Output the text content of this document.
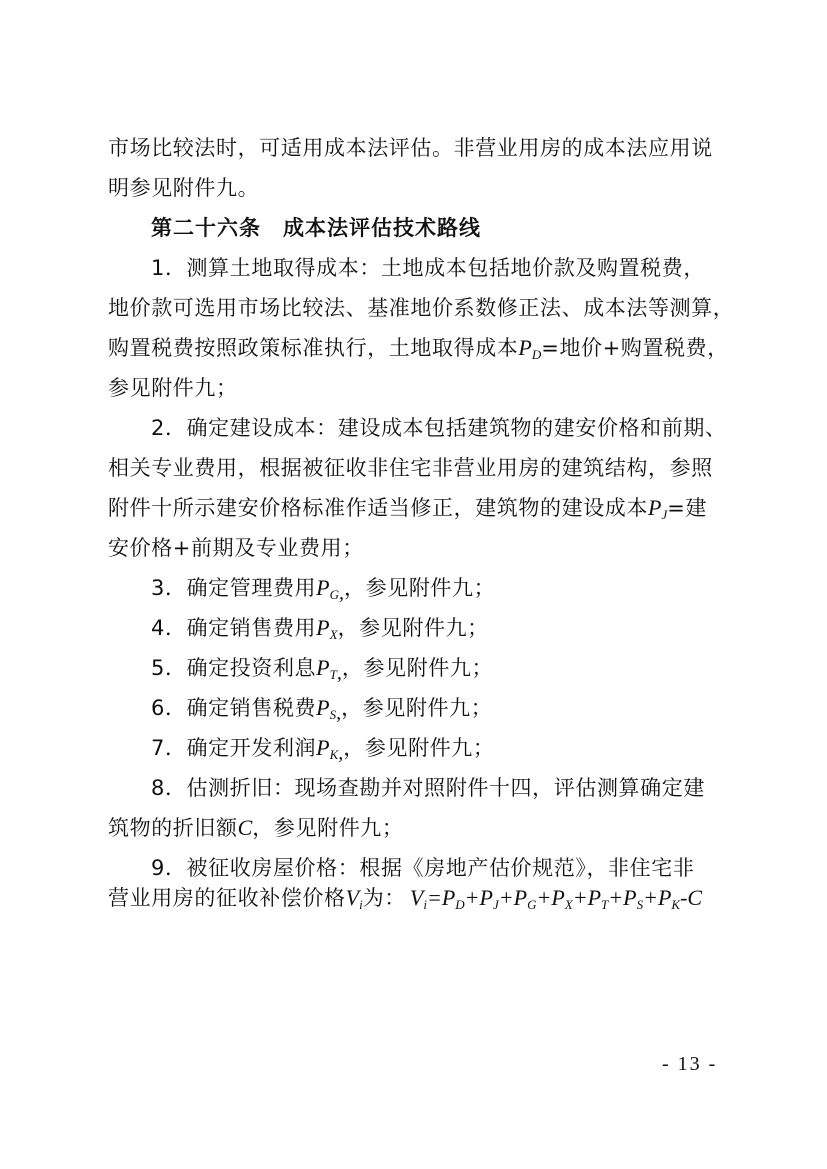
市场比较法时，可适用成本法评估。非营业用房的成本法应用说
明参见附件九。
第二十六条　成本法评估技术路线
1．测算土地取得成本：土地成本包括地价款及购置税费，
地价款可选用市场比较法、基准地价系数修正法、成本法等测算，
购置税费按照政策标准执行，土地取得成本$P_D=$地价+购置税费，
参见附件九；
2．确定建设成本：建设成本包括建筑物的建安价格和前期、
相关专业费用，根据被征收非住宅非营业用房的建筑结构，参照
附件十所示建安价格标准作适当修正，建筑物的建设成本$P_J=$建
安价格+前期及专业费用；
3．确定管理费用$P_{G,}$，参见附件九；
4．确定销售费用$P_X$，参见附件九；
5．确定投资利息$P_{T,}$，参见附件九；
6．确定销售税费$P_{S,}$，参见附件九；
7．确定开发利润$P_{K,}$，参见附件九；
8．估测折旧：现场查勘并对照附件十四，评估测算确定建
筑物的折旧额C，参见附件九；
9．被征收房屋价格：根据《房地产估价规范》，非住宅非
营业用房的征收补偿价格$V_i$为： $V_i=P_D+P_J+P_G+P_X+P_T+P_S+P_K-C$
- 13 -
